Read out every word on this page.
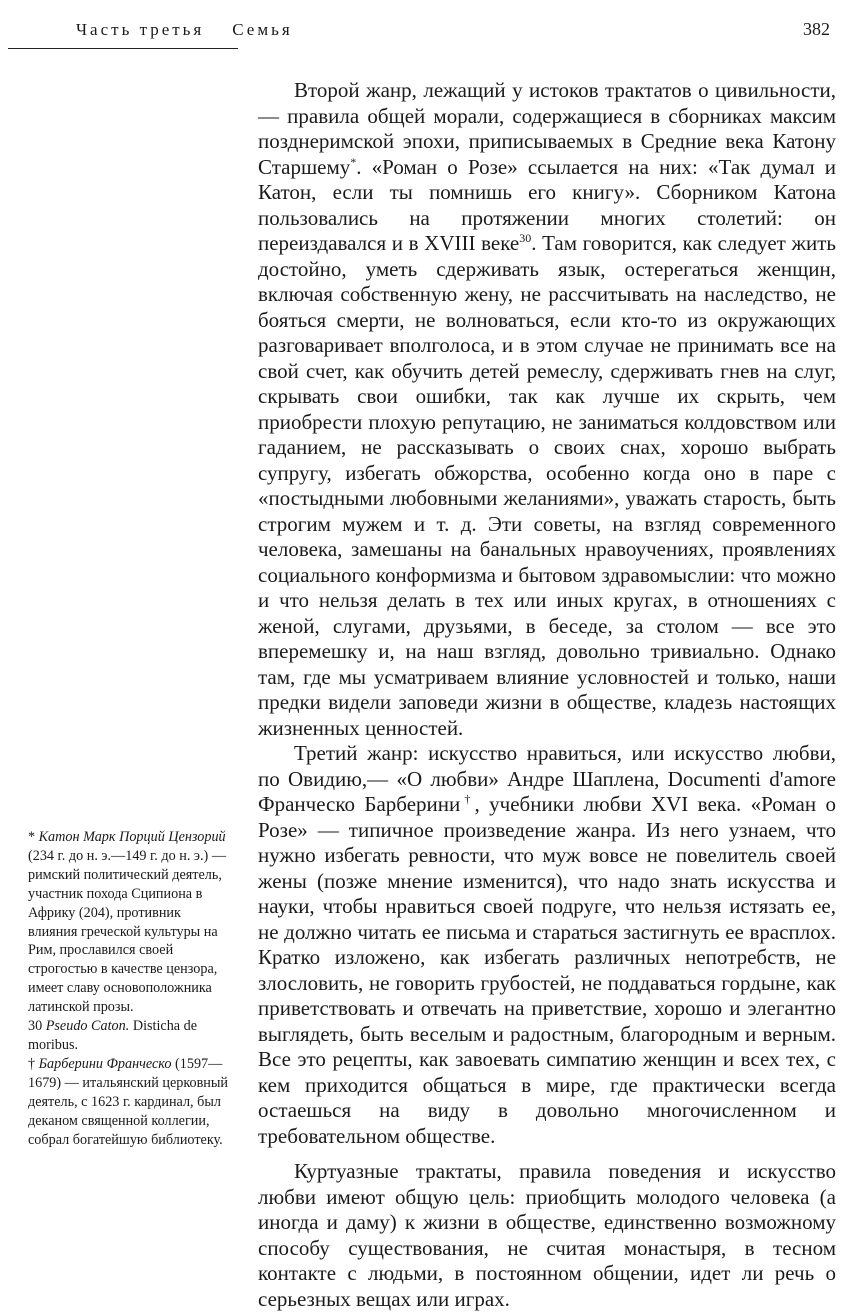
Часть третья Семья	382

Второй жанр, лежащий у истоков трактатов о цивильности,— правила общей морали, содержащиеся в сборниках максим позднеримской эпохи, приписываемых в Средние века Катону Старшему*. «Роман о Розе» ссылается на них: «Так думал и Катон, если ты помнишь его книгу». Сборником Катона пользовались на протяжении многих столетий: он переиздавался и в XVIII веке$^{30}$. Там говорится, как следует жить достойно, уметь сдерживать язык, остерегаться женщин, включая собственную жену, не рассчитывать на наследство, не бояться смерти, не волноваться, если кто-то из окружающих разговаривает вполголоса, и в этом случае не принимать все на свой счет, как обучить детей ремеслу, сдерживать гнев на слуг, скрывать свои ошибки, так как лучше их скрыть, чем приобрести плохую репутацию, не заниматься колдовством или гаданием, не рассказывать о своих снах, хорошо выбрать супругу, избегать обжорства, особенно когда оно в паре с «постыдными любовными желаниями», уважать старость, быть строгим мужем и т. д. Эти советы, на взгляд современного человека, замешаны на банальных нравоучениях, проявлениях социального конформизма и бытовом здравомыслии: что можно и что нельзя делать в тех или иных кругах, в отношениях с женой, слугами, друзьями, в беседе, за столом — все это вперемешку и, на наш взгляд, довольно тривиально. Однако там, где мы усматриваем влияние условностей и только, наши предки видели заповеди жизни в обществе, кладезь настоящих жизненных ценностей.

Третий жанр: искусство нравиться, или искусство любви, по Овидию,— «О любви» Андре Шаплена, Documenti d'amore Франческо Барберини†, учебники любви XVI века. «Роман о Розе» — типичное произведение жанра. Из него узнаем, что нужно избегать ревности, что муж вовсе не повелитель своей жены (позже мнение изменится), что надо знать искусства и науки, чтобы нравиться своей подруге, что нельзя истязать ее, не должно читать ее письма и стараться застигнуть ее врасплох. Кратко изложено, как избегать различных непотребств, не злословить, не говорить грубостей, не поддаваться гордыне, как приветствовать и отвечать на приветствие, хорошо и элегантно выглядеть, быть веселым и радостным, благородным и верным. Все это рецепты, как завоевать симпатию женщин и всех тех, с кем приходится общаться в мире, где практически всегда остаешься на виду в довольно многочисленном и требовательном обществе.

Куртуазные трактаты, правила поведения и искусство любви имеют общую цель: приобщить молодого человека (а иногда и даму) к жизни в обществе, единственно возможному способу существования, не считая монастыря, в тесном контакте с людьми, в постоянном общении, идет ли речь о серьезных вещах или играх.

* Катон Марк Порций Цензорий (234 г. до н. э.—149 г. до н. э.) — римский политический деятель, участник похода Сципиона в Африку (204), противник влияния греческой культуры на Рим, прославился своей строгостью в качестве цензора, имеет славу основоположника латинской прозы.

30 Pseudo Caton. Disticha de moribus.

† Барберини Франческо (1597—1679) — итальянский церковный деятель, с 1623 г. кардинал, был деканом священной коллегии, собрал богатейшую библиотеку.
